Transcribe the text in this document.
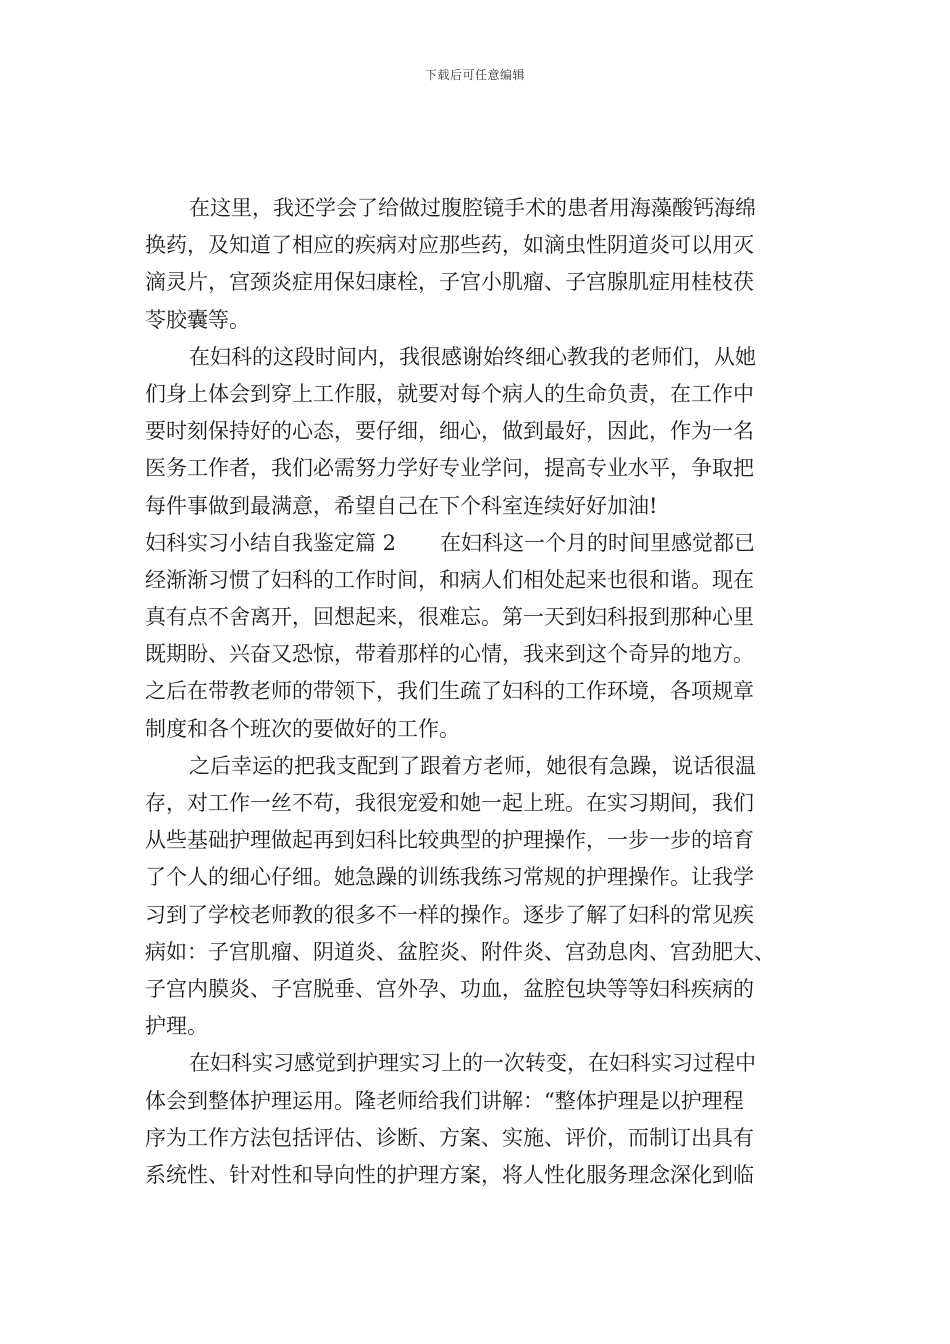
下载后可任意编辑
在这里，我还学会了给做过腹腔镜手术的患者用海藻酸钙海绵
换药，及知道了相应的疾病对应那些药，如滴虫性阴道炎可以用灭
滴灵片，宫颈炎症用保妇康栓，子宫小肌瘤、子宫腺肌症用桂枝茯
苓胶囊等。
在妇科的这段时间内，我很感谢始终细心教我的老师们，从她
们身上体会到穿上工作服，就要对每个病人的生命负责，在工作中
要时刻保持好的心态，要仔细，细心，做到最好，因此，作为一名
医务工作者，我们必需努力学好专业学问，提高专业水平，争取把
每件事做到最满意，希望自己在下个科室连续好好加油!
妇科实习小结自我鉴定篇 2 在妇科这一个月的时间里感觉都已
经渐渐习惯了妇科的工作时间，和病人们相处起来也很和谐。现在
真有点不舍离开，回想起来，很难忘。第一天到妇科报到那种心里
既期盼、兴奋又恐惊，带着那样的心情，我来到这个奇异的地方。
之后在带教老师的带领下，我们生疏了妇科的工作环境，各项规章
制度和各个班次的要做好的工作。
之后幸运的把我支配到了跟着方老师，她很有急躁，说话很温
存，对工作一丝不苟，我很宠爱和她一起上班。在实习期间，我们
从些基础护理做起再到妇科比较典型的护理操作，一步一步的培育
了个人的细心仔细。她急躁的训练我练习常规的护理操作。让我学
习到了学校老师教的很多不一样的操作。逐步了解了妇科的常见疾
病如：子宫肌瘤、阴道炎、盆腔炎、附件炎、宫劲息肉、宫劲肥大、
子宫内膜炎、子宫脱垂、宫外孕、功血，盆腔包块等等妇科疾病的
护理。
在妇科实习感觉到护理实习上的一次转变，在妇科实习过程中
体会到整体护理运用。隆老师给我们讲解：“整体护理是以护理程
序为工作方法包括评估、诊断、方案、实施、评价，而制订出具有
系统性、针对性和导向性的护理方案，将人性化服务理念深化到临
